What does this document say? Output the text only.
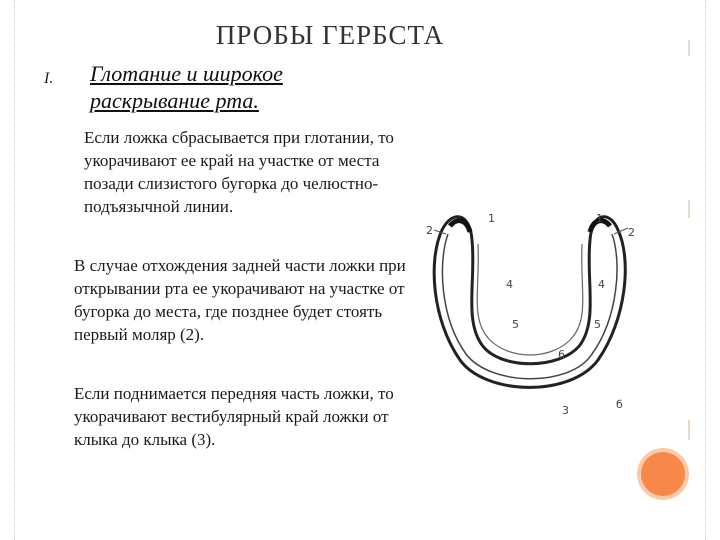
ПРОБЫ ГЕРБСТА
I. Глотание и широкое раскрывание рта.
Если ложка сбрасывается при глотании, то укорачивают ее край на участке от места позади слизистого бугорка до челюстно-подъязычной линии.
В случае отхождения задней части ложки при открывании рта ее укорачивают на участке от бугорка до места, где позднее будет стоять первый моляр (2).
Если поднимается передняя часть ложки, то укорачивают вестибулярный край ложки от клыка до клыка (3).
1	1
2	2
4	4
5	5
6
б
3
